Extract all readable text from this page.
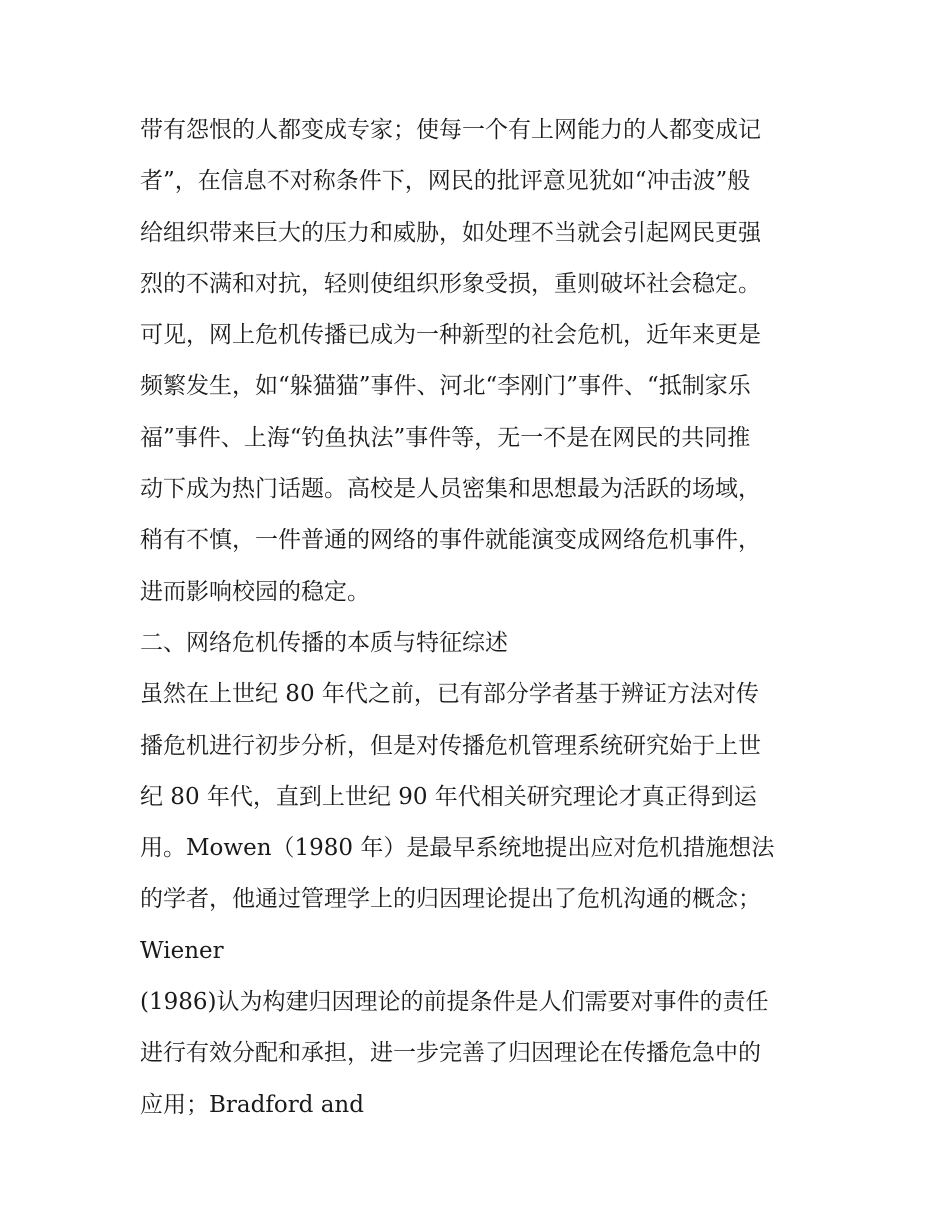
带有怨恨的人都变成专家；使每一个有上网能力的人都变成记
者”，在信息不对称条件下，网民的批评意见犹如“冲击波”般
给组织带来巨大的压力和威胁，如处理不当就会引起网民更强
烈的不满和对抗，轻则使组织形象受损，重则破坏社会稳定。
可见，网上危机传播已成为一种新型的社会危机，近年来更是
频繁发生，如“躲猫猫”事件、河北“李刚门”事件、“抵制家乐
福”事件、上海“钓鱼执法”事件等，无一不是在网民的共同推
动下成为热门话题。高校是人员密集和思想最为活跃的场域，
稍有不慎，一件普通的网络的事件就能演变成网络危机事件，
进而影响校园的稳定。
二、网络危机传播的本质与特征综述
虽然在上世纪 80 年代之前，已有部分学者基于辨证方法对传
播危机进行初步分析，但是对传播危机管理系统研究始于上世
纪 80 年代，直到上世纪 90 年代相关研究理论才真正得到运
用。Mowen（1980 年）是最早系统地提出应对危机措施想法
的学者，他通过管理学上的归因理论提出了危机沟通的概念；
Wiener
(1986)认为构建归因理论的前提条件是人们需要对事件的责任
进行有效分配和承担，进一步完善了归因理论在传播危急中的
应用；Bradford and
